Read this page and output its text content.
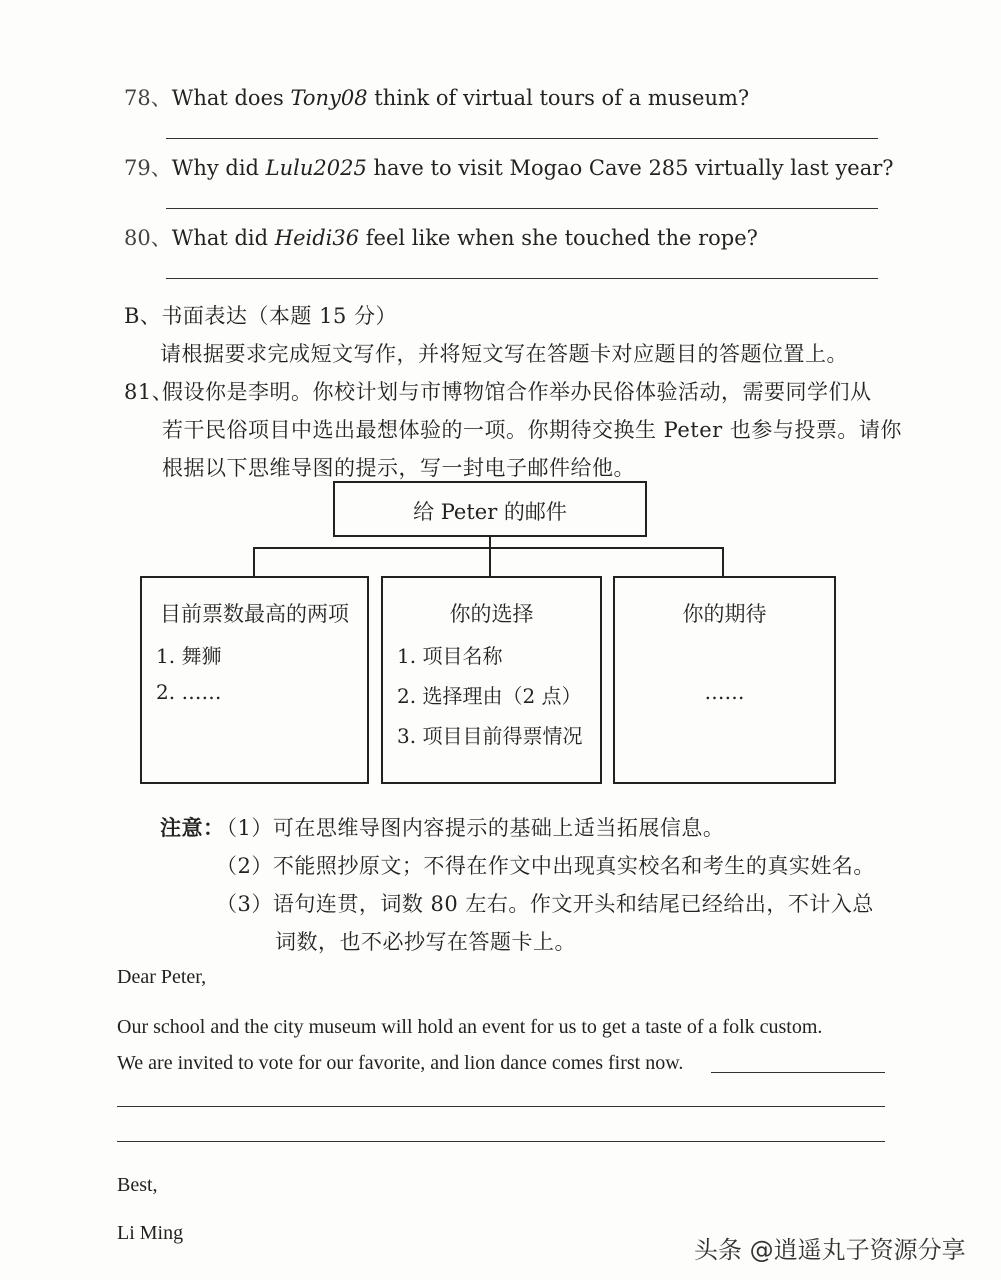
78、What does Tony08 think of virtual tours of a museum?
79、Why did Lulu2025 have to visit Mogao Cave 285 virtually last year?
80、What did Heidi36 feel like when she touched the rope?
B、书面表达（本题 15 分）
请根据要求完成短文写作，并将短文写在答题卡对应题目的答题位置上。
81、
假设你是李明。你校计划与市博物馆合作举办民俗体验活动，需要同学们从
若干民俗项目中选出最想体验的一项。你期待交换生 Peter 也参与投票。请你
根据以下思维导图的提示，写一封电子邮件给他。
给 Peter 的邮件
目前票数最高的两项
1. 舞狮
2. ……
你的选择
1. 项目名称
2. 选择理由（2 点）
3. 项目目前得票情况
你的期待
……
注意：
（1）可在思维导图内容提示的基础上适当拓展信息。
（2）不能照抄原文；不得在作文中出现真实校名和考生的真实姓名。
（3）语句连贯，词数 80 左右。作文开头和结尾已经给出，不计入总
词数，也不必抄写在答题卡上。
Dear Peter,
Our school and the city museum will hold an event for us to get a taste of a folk custom.
We are invited to vote for our favorite, and lion dance comes first now.
Best,
Li Ming
头条 @逍遥丸子资源分享
